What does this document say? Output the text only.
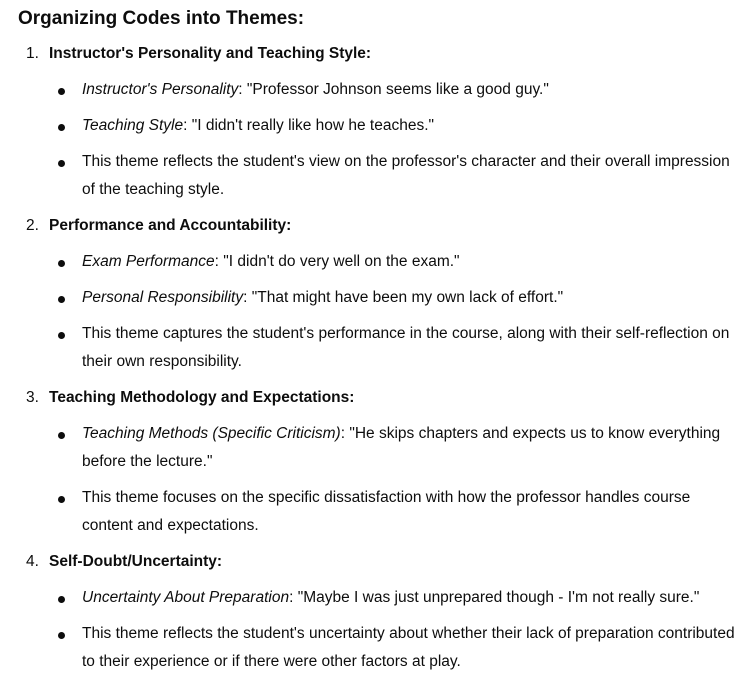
Organizing Codes into Themes:
1. Instructor's Personality and Teaching Style:
Instructor's Personality: "Professor Johnson seems like a good guy."
Teaching Style: "I didn't really like how he teaches."
This theme reflects the student's view on the professor's character and their overall impression of the teaching style.
2. Performance and Accountability:
Exam Performance: "I didn't do very well on the exam."
Personal Responsibility: "That might have been my own lack of effort."
This theme captures the student's performance in the course, along with their self-reflection on their own responsibility.
3. Teaching Methodology and Expectations:
Teaching Methods (Specific Criticism): "He skips chapters and expects us to know everything before the lecture."
This theme focuses on the specific dissatisfaction with how the professor handles course content and expectations.
4. Self-Doubt/Uncertainty:
Uncertainty About Preparation: "Maybe I was just unprepared though - I'm not really sure."
This theme reflects the student's uncertainty about whether their lack of preparation contributed to their experience or if there were other factors at play.
